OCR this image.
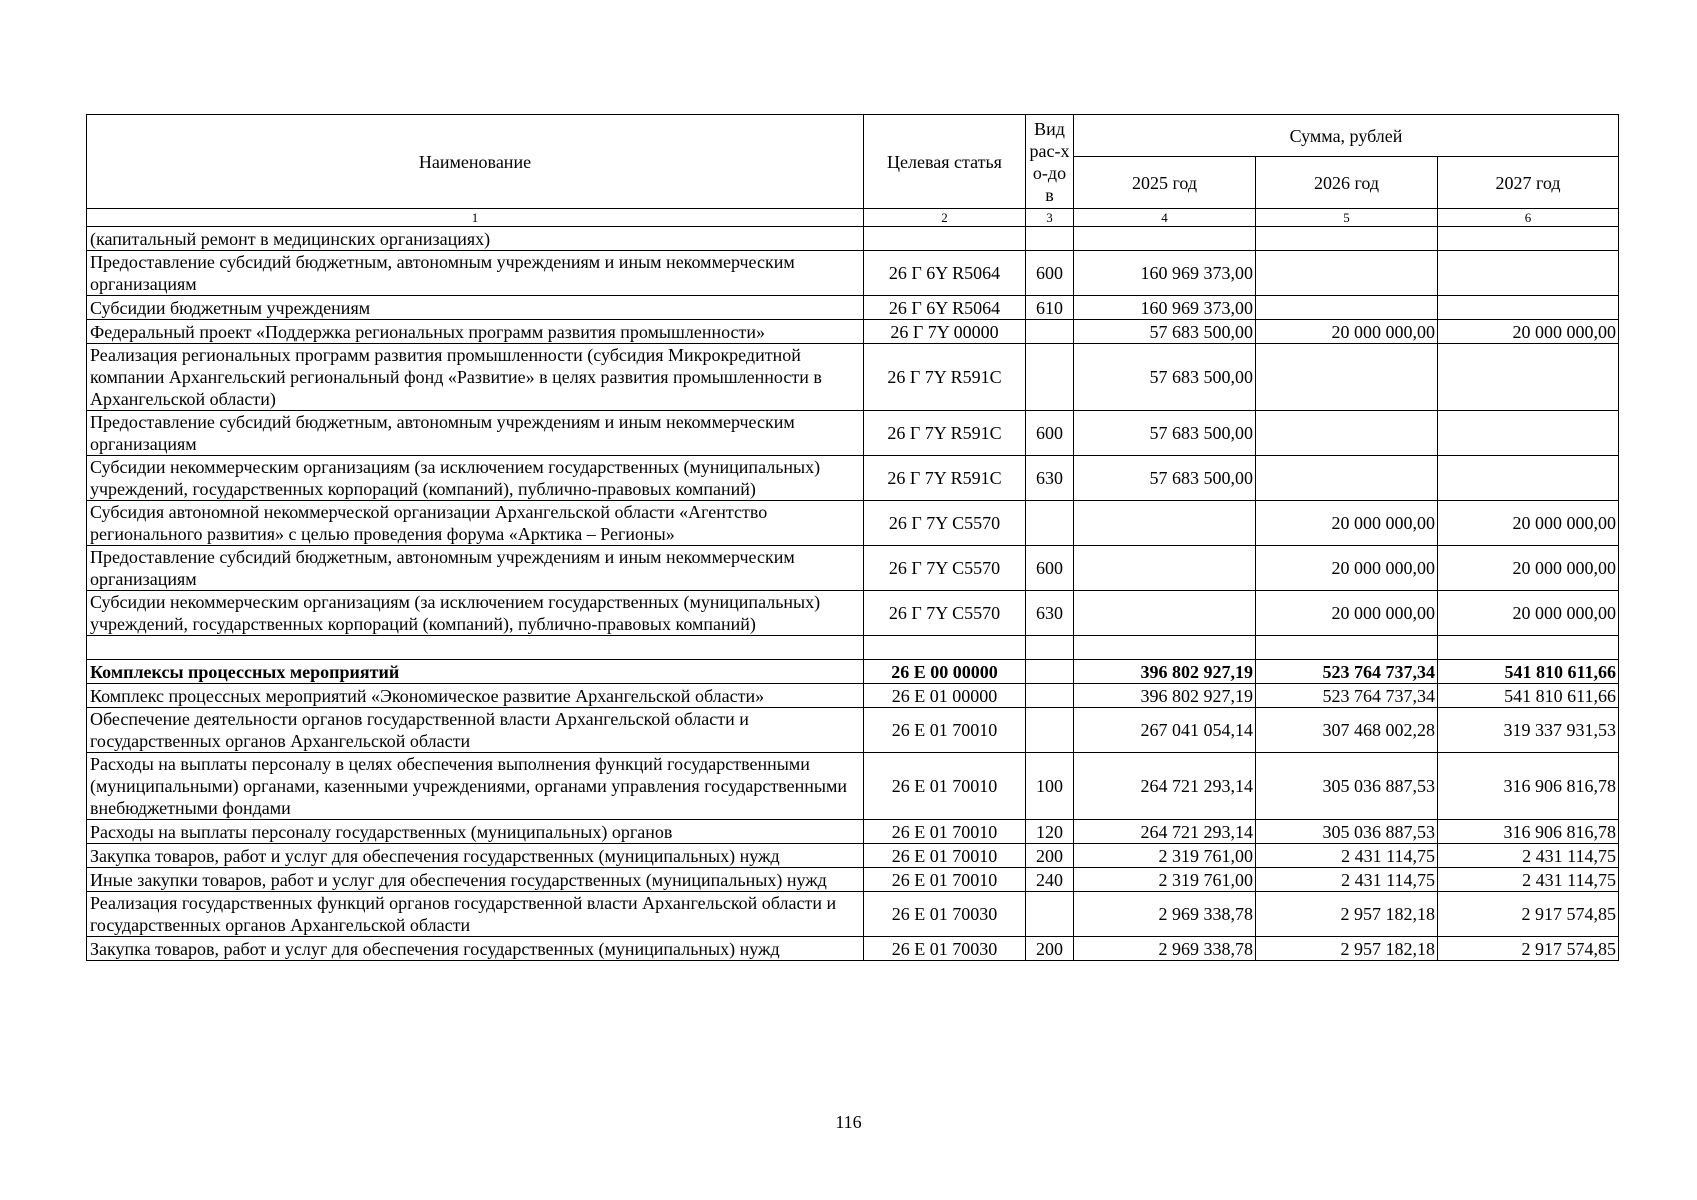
Наименование	Целевая статья	Вид рас-хо-дов	Сумма, рублей		
			2025 год	2026 год	2027 год
1	2	3	4	5	6
(капитальный ремонт в медицинских организациях)					
Предоставление субсидий бюджетным, автономным учреждениям и иным некоммерческим организациям	26 Г 6Y R5064	600	160 969 373,00		
Субсидии бюджетным учреждениям	26 Г 6Y R5064	610	160 969 373,00		
Федеральный проект «Поддержка региональных программ развития промышленности»	26 Г 7Y 00000		57 683 500,00	20 000 000,00	20 000 000,00
Реализация региональных программ развития промышленности (субсидия Микрокредитной компании Архангельский региональный фонд «Развитие» в целях развития промышленности в Архангельской области)	26 Г 7Y R591C		57 683 500,00		
Предоставление субсидий бюджетным, автономным учреждениям и иным некоммерческим организациям	26 Г 7Y R591C	600	57 683 500,00		
Субсидии некоммерческим организациям (за исключением государственных (муниципальных) учреждений, государственных корпораций (компаний), публично-правовых компаний)	26 Г 7Y R591C	630	57 683 500,00		
Субсидия автономной некоммерческой организации Архангельской области «Агентство регионального развития» с целью проведения форума «Арктика – Регионы»	26 Г 7Y C5570			20 000 000,00	20 000 000,00
Предоставление субсидий бюджетным, автономным учреждениям и иным некоммерческим организациям	26 Г 7Y C5570	600		20 000 000,00	20 000 000,00
Субсидии некоммерческим организациям (за исключением государственных (муниципальных) учреждений, государственных корпораций (компаний), публично-правовых компаний)	26 Г 7Y C5570	630		20 000 000,00	20 000 000,00

Комплексы процессных мероприятий	26 Е 00 00000		396 802 927,19	523 764 737,34	541 810 611,66
Комплекс процессных мероприятий «Экономическое развитие Архангельской области»	26 Е 01 00000		396 802 927,19	523 764 737,34	541 810 611,66
Обеспечение деятельности органов государственной власти Архангельской области и государственных органов Архангельской области	26 Е 01 70010		267 041 054,14	307 468 002,28	319 337 931,53
Расходы на выплаты персоналу в целях обеспечения выполнения функций государственными (муниципальными) органами, казенными учреждениями, органами управления государственными внебюджетными фондами	26 Е 01 70010	100	264 721 293,14	305 036 887,53	316 906 816,78
Расходы на выплаты персоналу государственных (муниципальных) органов	26 Е 01 70010	120	264 721 293,14	305 036 887,53	316 906 816,78
Закупка товаров, работ и услуг для обеспечения государственных (муниципальных) нужд	26 Е 01 70010	200	2 319 761,00	2 431 114,75	2 431 114,75
Иные закупки товаров, работ и услуг для обеспечения государственных (муниципальных) нужд	26 Е 01 70010	240	2 319 761,00	2 431 114,75	2 431 114,75
Реализация государственных функций органов государственной власти Архангельской области и государственных органов Архангельской области	26 Е 01 70030		2 969 338,78	2 957 182,18	2 917 574,85
Закупка товаров, работ и услуг для обеспечения государственных (муниципальных) нужд	26 Е 01 70030	200	2 969 338,78	2 957 182,18	2 917 574,85
116
